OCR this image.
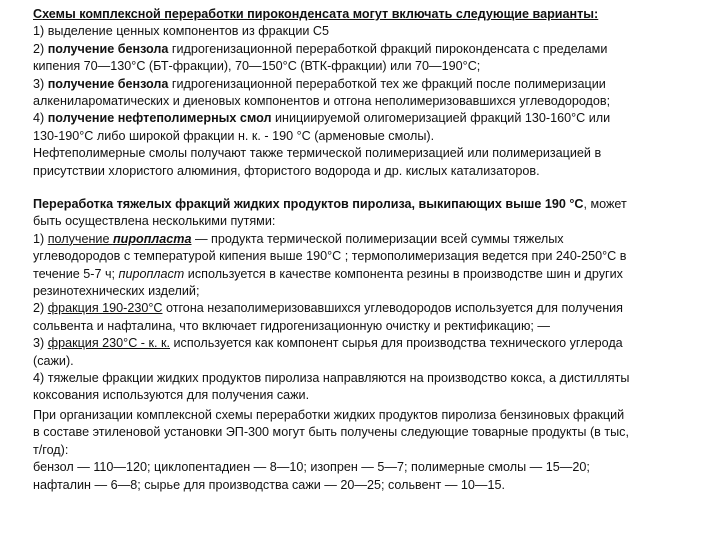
Схемы комплексной переработки пироконденсата могут включать следующие варианты:
1) выделение ценных компонентов из фракции С5
2) получение бензола гидрогенизационной переработкой фракций пироконденсата с пределами
кипения 70—130°С (БТ-фракции), 70—150°С (ВТК-фракции) или 70—190°С;
3) получение бензола гидрогенизационной переработкой тех же фракций после полимеризации
алкенилароматических и диеновых компонентов и отгона неполимеризовавшихся углеводородов;
4) получение нефтеполимерных смол инициируемой олигомеризацией фракций 130-160°С или
130-190°С либо широкой фракции н. к. - 190 °С (арменовые смолы).
Нефтеполимерные смолы получают также термической полимеризацией или полимеризацией в
присутствии хлористого алюминия, фтористого водорода и др. кислых катализаторов.
Переработка тяжелых фракций жидких продуктов пиролиза, выкипающих выше 190 °С, может
быть осуществлена несколькими путями:
1) получение пиропласта — продукта термической полимеризации всей суммы тяжелых
углеводородов с температурой кипения выше 190°С ; термополимеризация ведется при 240-250°С в
течение 5-7 ч; пиропласт используется в качестве компонента резины в производстве шин и других
резинотехнических изделий;
2) фракция 190-230°С отгона незаполимеризовавшихся углеводородов используется для получения
сольвента и нафталина, что включает гидрогенизационную очистку и ректификацию; —
3) фракция 230°С - к. к. используется как компонент сырья для производства технического углерода
(сажи).
4) тяжелые фракции жидких продуктов пиролиза направляются на производство кокса, а дистилляты
коксования используются для получения сажи.
При организации комплексной схемы переработки жидких продуктов пиролиза бензиновых фракций
в составе этиленовой установки ЭП-300 могут быть получены следующие товарные продукты (в тыс,
т/год):
бензол — 110—120; циклопентадиен — 8—10; изопрен — 5—7; полимерные смолы — 15—20;
нафталин — 6—8; сырье для производства сажи — 20—25; сольвент — 10—15.
